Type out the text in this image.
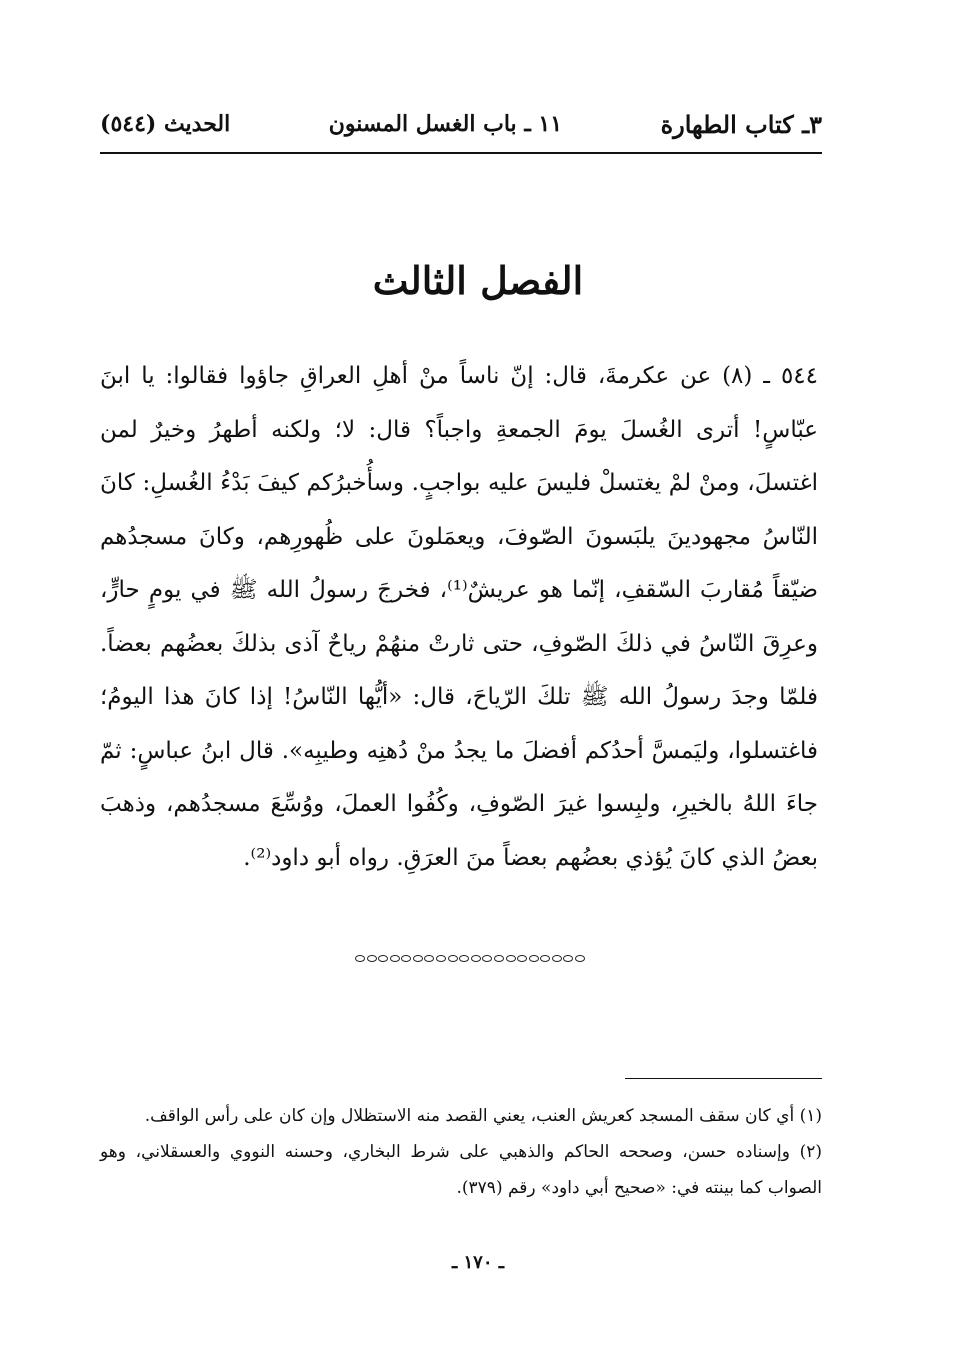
٣ـ كتاب الطهارة
١١ ـ باب الغسل المسنون
الحديث (٥٤٤)
الفصل الثالث
٥٤٤ ـ (٨) عن عكرمةَ، قال: إنّ ناساً منْ أهلِ العراقِ جاؤوا فقالوا: يا ابنَ عبّاسٍ! أترى الغُسلَ يومَ الجمعةِ واجباً؟ قال: لا؛ ولكنه أطهرُ وخيرٌ لمن اغتسلَ، ومنْ لمْ يغتسلْ فليسَ عليه بواجبٍ. وسأُخبرُكم كيفَ بَدْءُ الغُسلِ: كانَ النّاسُ مجهودينَ يلبَسونَ الصّوفَ، ويعمَلونَ على ظُهورِهم، وكانَ مسجدُهم ضيّقاً مُقاربَ السّقفِ، إنّما هو عريشٌ⁽¹⁾، فخرجَ رسولُ الله ﷺ في يومٍ حارٍّ، وعرِقَ النّاسُ في ذلكَ الصّوفِ، حتى ثارتْ منهُمْ رياحٌ آذى بذلكَ بعضُهم بعضاً. فلمّا وجدَ رسولُ الله ﷺ تلكَ الرّياحَ، قال: «أيُّها النّاسُ! إذا كانَ هذا اليومُ؛ فاغتسلوا، وليَمسَّ أحدُكم أفضلَ ما يجدُ منْ دُهنِه وطيبِه». قال ابنُ عباسٍ: ثمّ جاءَ اللهُ بالخيرِ، ولبِسوا غيرَ الصّوفِ، وكُفُوا العملَ، ووُسِّعَ مسجدُهم، وذهبَ بعضُ الذي كانَ يُؤذي بعضُهم بعضاً منَ العرَقِ. رواه أبو داود⁽²⁾.

(١) أي كان سقف المسجد كعريش العنب، يعني القصد منه الاستظلال وإن كان على رأس الواقف.

(٢) وإسناده حسن، وصححه الحاكم والذهبي على شرط البخاري، وحسنه النووي والعسقلاني، وهو الصواب كما بينته في: «صحيح أبي داود» رقم (٣٧٩).

ـ ١٧٠ ـ
